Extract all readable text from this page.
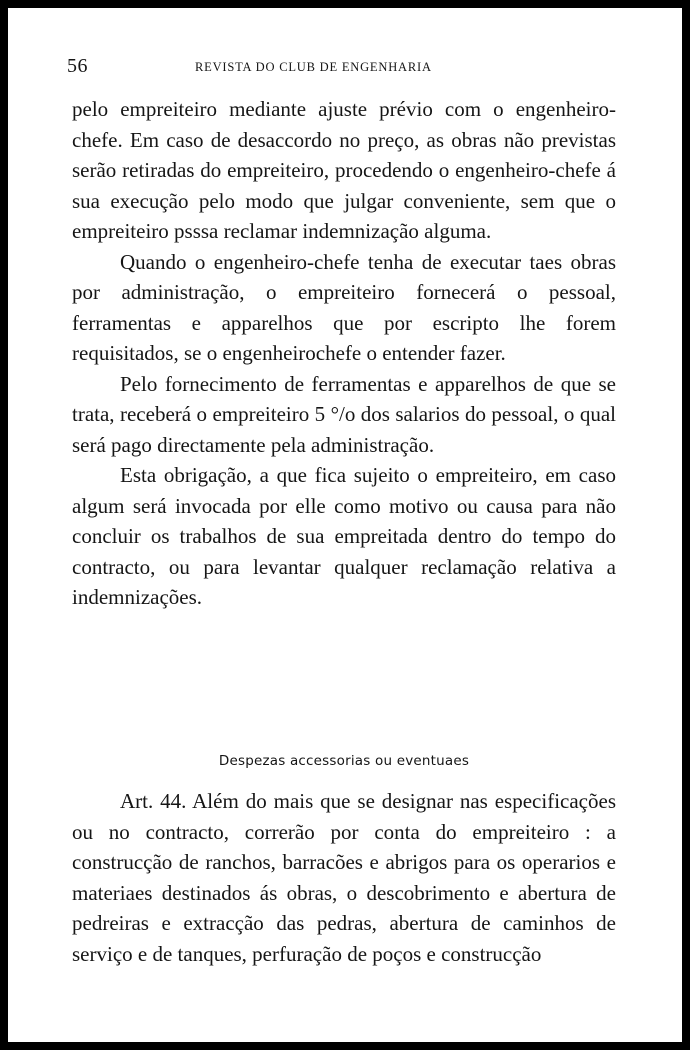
56	REVISTA DO CLUB DE ENGENHARIA

pelo empreiteiro mediante ajuste prévio com o engenheiro-chefe. Em caso de desaccordo no preço, as obras não previstas serão retiradas do empreiteiro, procedendo o engenheiro-chefe á sua execução pelo modo que julgar conveniente, sem que o empreiteiro psssa reclamar indemnização alguma.

Quando o engenheiro-chefe tenha de executar taes obras por administração, o empreiteiro fornecerá o pessoal, ferramentas e apparelhos que por escripto lhe forem requisitados, se o engenheirochefe o entender fazer.

Pelo fornecimento de ferramentas e apparelhos de que se trata, receberá o empreiteiro 5 °/o dos salarios do pessoal, o qual será pago directamente pela administração.

Esta obrigação, a que fica sujeito o empreiteiro, em caso algum será invocada por elle como motivo ou causa para não concluir os trabalhos de sua empreitada dentro do tempo do contracto, ou para levantar qualquer reclamação relativa a indemnizações.

Despezas accessorias ou eventuaes

Art. 44. Além do mais que se designar nas especificações ou no contracto, correrão por conta do empreiteiro : a construcção de ranchos, barracões e abrigos para os operarios e materiaes destinados ás obras, o descobrimento e abertura de pedreiras e extracção das pedras, abertura de caminhos de serviço e de tanques, perfuração de poços e construcção
